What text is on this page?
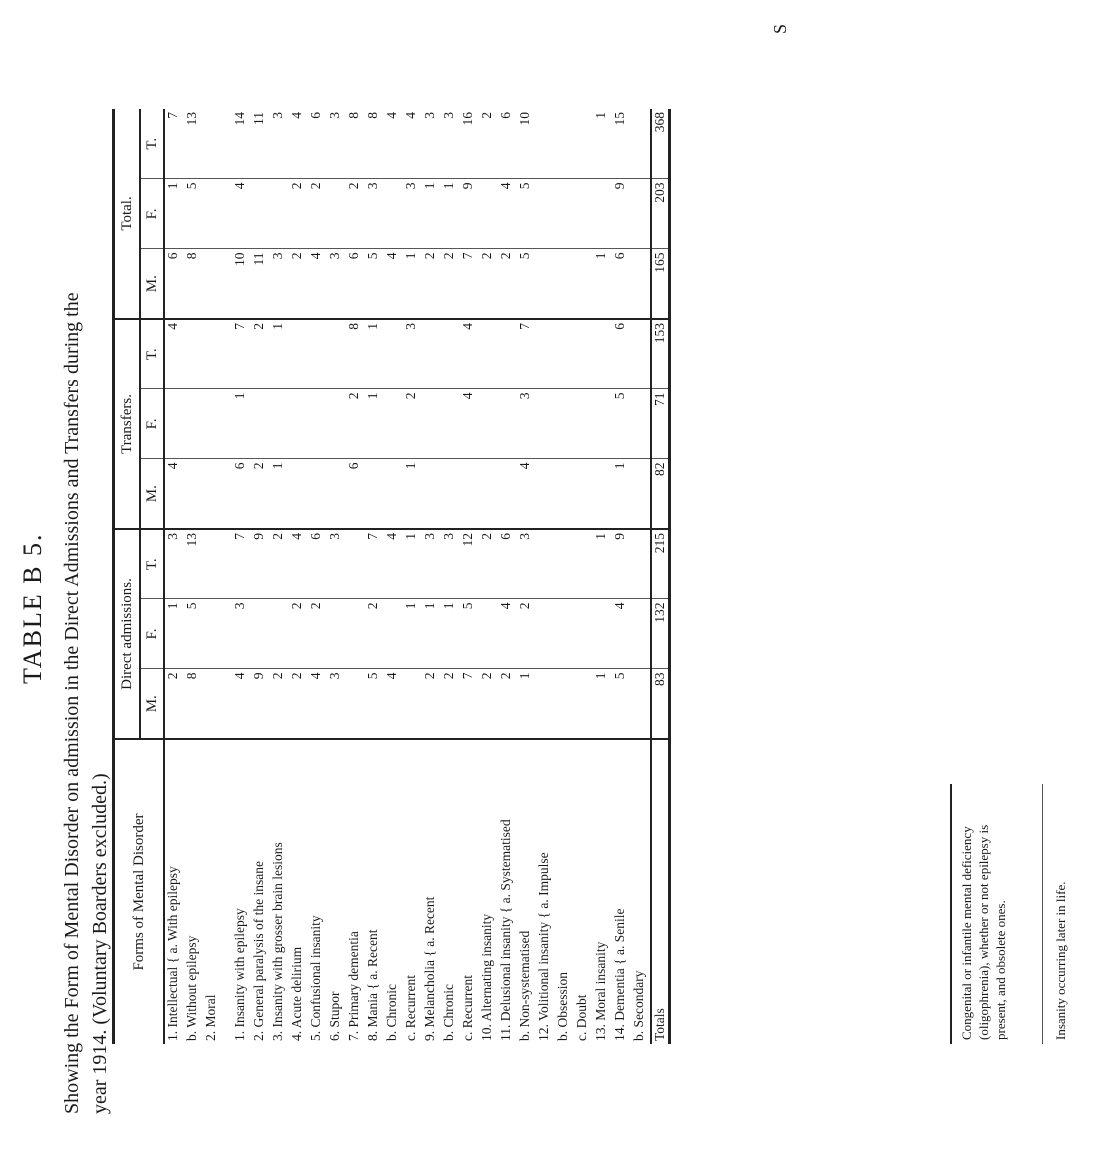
TABLE B 5. Showing the Form of Mental Disorder on admission in the Direct Admissions and Transfers during the year 1914. (Voluntary Boarders excluded.)
S
Forms of Mental Disorder	Direct admissions.			Transfers.			Total.		
	M.	F.	T.	M.	F.	T.	M.	F.	T.
1. Intellectual { a. With epilepsy	2	1	3	4		4	6	1	7
b. Without epilepsy	8	5	13				8	5	13
2. Moral									

1. Insanity with epilepsy	4	3	7	6	1	7	10	4	14
2. General paralysis of the insane	9		9	2		2	11		11
3. Insanity with grosser brain lesions	2		2	1		1	3		3
4. Acute delirium	2	2	4				2	2	4
5. Confusional insanity	4	2	6				4	2	6
6. Stupor	3		3				3		3
7. Primary dementia				6	2	8	6	2	8
8. Mania { a. Recent	5	2	7		1	1	5	3	8
b. Chronic	4		4				4		4
c. Recurrent		1	1	1	2	3	1	3	4
9. Melancholia { a. Recent	2	1	3				2	1	3
b. Chronic	2	1	3				2	1	3
c. Recurrent	7	5	12		4	4	7	9	16
10. Alternating insanity	2		2				2		2
11. Delusional insanity { a. Systematised	2	4	6				2	4	6
b. Non-systematised	1	2	3	4	3	7	5	5	10
12. Volitional insanity { a. Impulse									
b. Obsession									
c. Doubt									
13. Moral insanity	1		1				1		1
14. Dementia { a. Senile	5	4	9	1	5	6	6	9	15
b. Secondary									
Totals	83	132	215	82	71	153	165	203	368
Congenital or infantile mental deficiency (oligophrenia), whether or not epilepsy is present, and obsolete ones.	Insanity occurring later in life.
